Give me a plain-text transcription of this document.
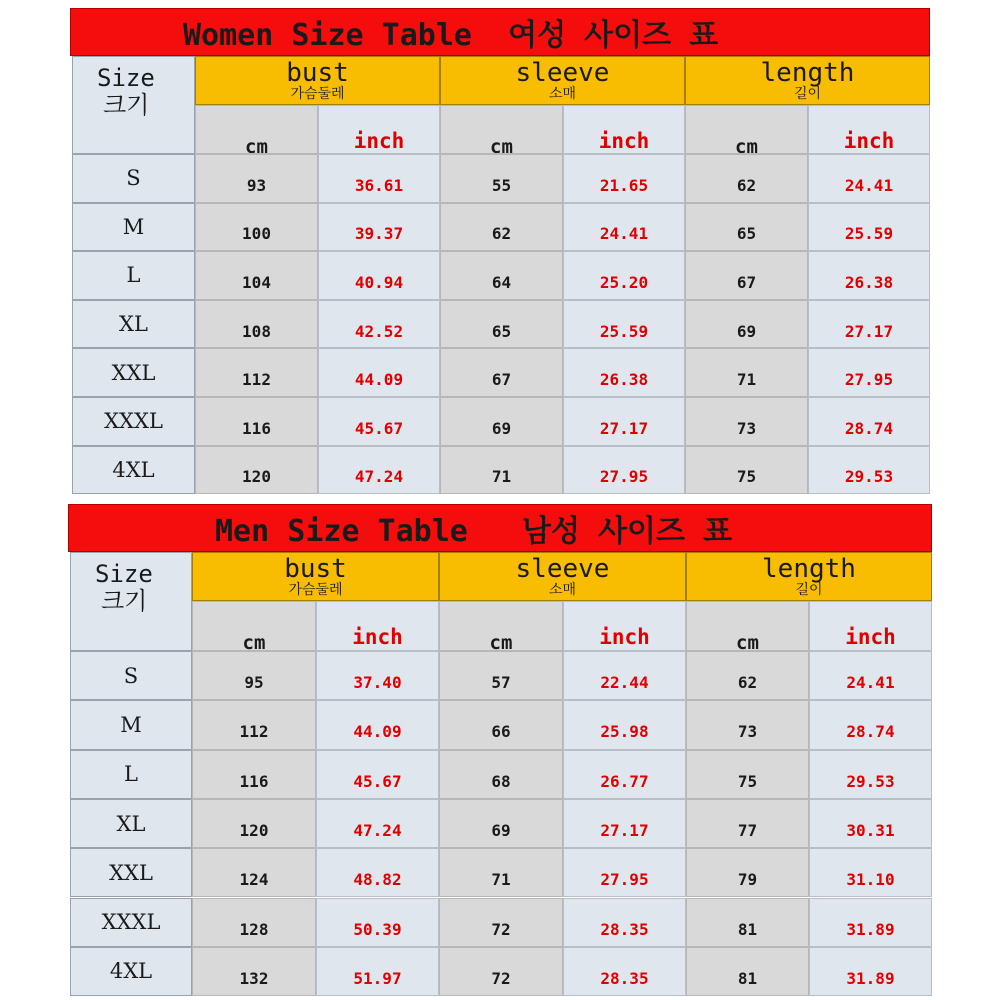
Women Size Table  여성 사이즈 표
Size
크기
bust
가슴둘레
sleeve
소매
length
길이
cm	inch	cm	inch	cm	inch
S	93	36.61	55	21.65	62	24.41
M	100	39.37	62	24.41	65	25.59
L	104	40.94	64	25.20	67	26.38
XL	108	42.52	65	25.59	69	27.17
XXL	112	44.09	67	26.38	71	27.95
XXXL	116	45.67	69	27.17	73	28.74
4XL	120	47.24	71	27.95	75	29.53
Men Size Table   남성 사이즈 표
Size
크기
bust
가슴둘레
sleeve
소매
length
길이
cm	inch	cm	inch	cm	inch
S	95	37.40	57	22.44	62	24.41
M	112	44.09	66	25.98	73	28.74
L	116	45.67	68	26.77	75	29.53
XL	120	47.24	69	27.17	77	30.31
XXL	124	48.82	71	27.95	79	31.10
XXXL	128	50.39	72	28.35	81	31.89
4XL	132	51.97	72	28.35	81	31.89
